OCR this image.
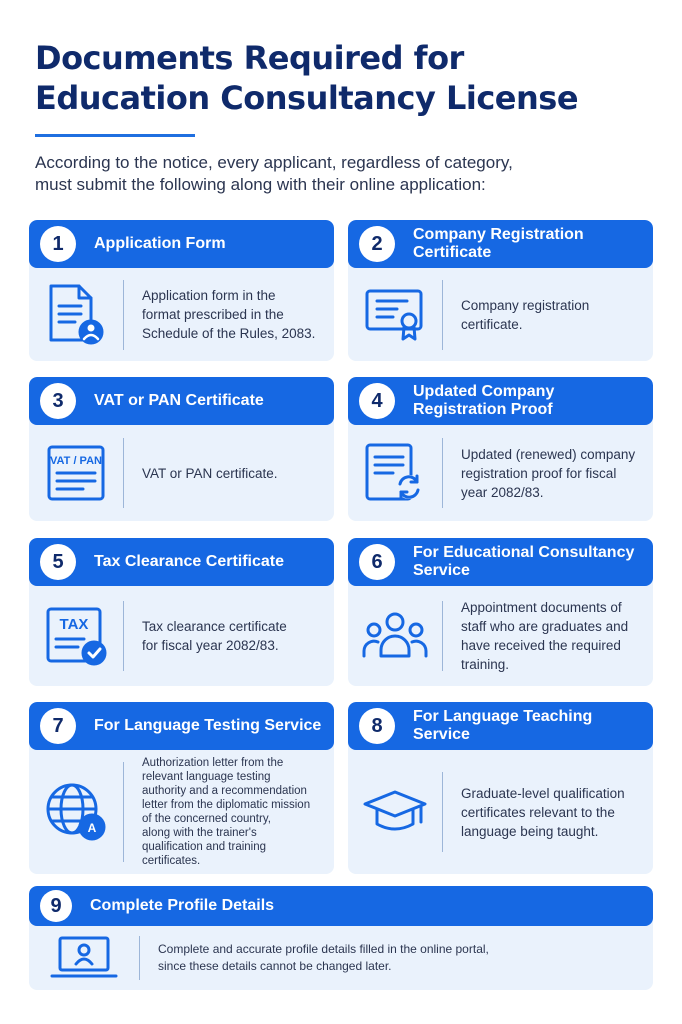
Documents Required for
Education Consultancy License

According to the notice, every applicant, regardless of category,
must submit the following along with their online application:

1	Application Form
Application form in the
format prescribed in the
Schedule of the Rules, 2083.
2	Company Registration
Certificate
Company registration
certificate.
3	VAT or PAN Certificate
VAT / PAN
VAT or PAN certificate.
4	Updated Company
Registration Proof
Updated (renewed) company
registration proof for fiscal
year 2082/83.
5	Tax Clearance Certificate
TAX	Tax clearance certificate
for fiscal year 2082/83.
6	For Educational Consultancy
Service
Appointment documents of
staff who are graduates and
have received the required
training.
7	For Language Testing Service
A
Authorization letter from the
relevant language testing
authority and a recommendation
letter from the diplomatic mission
of the concerned country,
along with the trainer's
qualification and training
certificates.
8	For Language Teaching Service
Graduate-level qualification
certificates relevant to the
language being taught.
9	Complete Profile Details
Complete and accurate profile details filled in the online portal,
since these details cannot be changed later.
